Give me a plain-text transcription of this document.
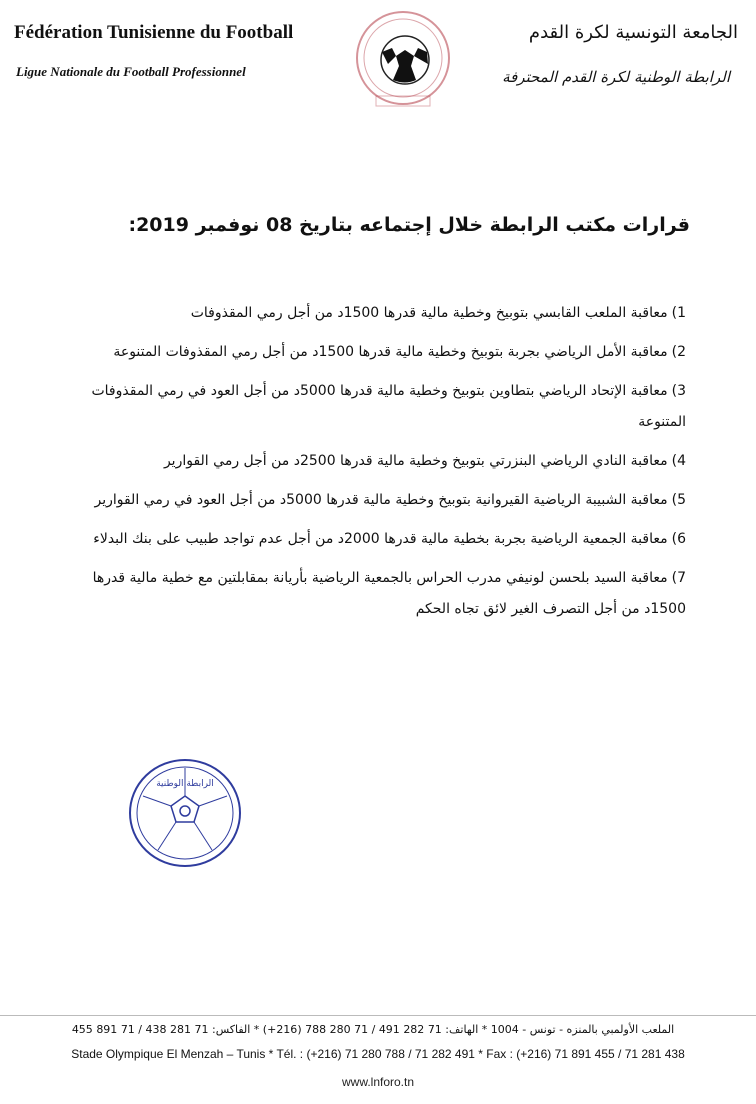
Fédération Tunisienne du Football
Ligue Nationale du Football Professionnel
الجامعة التونسية لكرة القدم
الرابطة الوطنية لكرة القدم المحترفة
قرارات مكتب الرابطة خلال إجتماعه بتاريخ 08 نوفمبر 2019:

1)معاقبة الملعب القابسي بتوبيخ وخطية مالية قدرها 1500د من أجل رمي المقذوفات

2)معاقبة الأمل الرياضي بجربة بتوبيخ وخطية مالية قدرها 1500د من أجل رمي المقذوفات المتنوعة

3)معاقبة الإتحاد الرياضي بتطاوين بتوبيخ وخطية مالية قدرها 5000د من أجل العود في رمي المقذوفات المتنوعة

4)معاقبة النادي الرياضي البنزرتي بتوبيخ وخطية مالية قدرها 2500د من أجل رمي القوارير

5)معاقبة الشبيبة الرياضية القيروانية بتوبيخ وخطية مالية قدرها 5000د من أجل العود في رمي القوارير

6)معاقبة الجمعية الرياضية بجربة بخطية مالية قدرها 2000د من أجل عدم تواجد طبيب على بنك البدلاء

7)معاقبة السيد بلحسن لونيفي مدرب الحراس بالجمعية الرياضية بأريانة بمقابلتين مع خطية مالية قدرها 1500د من أجل التصرف الغير لائق تجاه الحكم

الرابطة الوطنية
الملعب الأولمبي بالمنزه - تونس - 1004 * الهاتف: 71 282 491 / 71 280 788 (216+) * الفاكس: 71 281 438 / 71 891 455
Stade Olympique El Menzah – Tunis * Tél. : (+216) 71 280 788 / 71 282 491 * Fax : (+216) 71 891 455 / 71 281 438
www.lnforo.tn
